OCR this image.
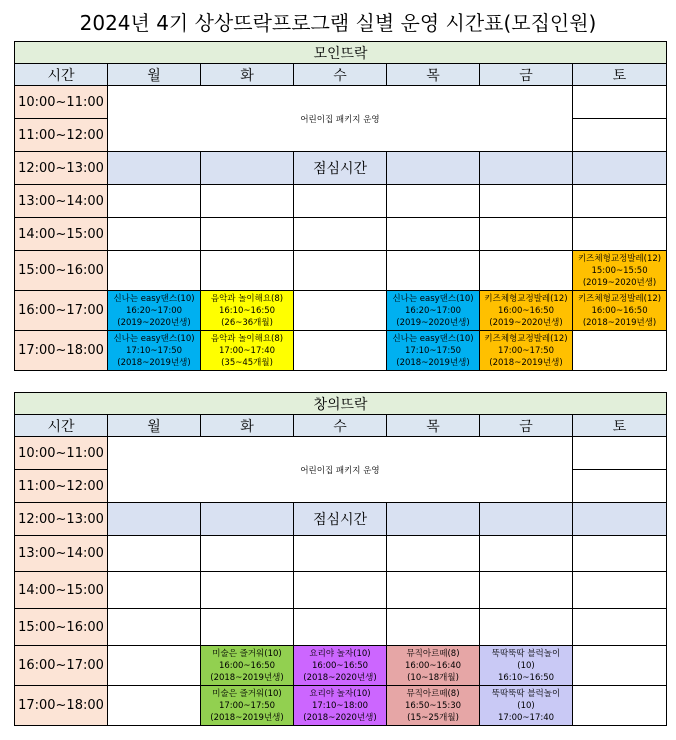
2024년 4기 상상뜨락프로그램 실별 운영 시간표(모집인원)
모인뜨락						
시간	월	화	수	목	금	토
10:00~11:00	어린이집 패키지 운영					
11:00~12:00						
12:00~13:00			점심시간			
13:00~14:00						
14:00~15:00						
15:00~16:00						키즈체형교정발레(12)
15:00~15:50
(2019~2020년생)

16:00~17:00	신나는 easy댄스(10)
16:20~17:00
(2019~2020년생)	음악과 놀이해요(8)
16:10~16:50
(26~36개월)		신나는 easy댄스(10)
16:20~17:00
(2019~2020년생)	키즈체형교정발레(12)
16:00~16:50
(2019~2020년생)	키즈체형교정발레(12)
16:00~16:50
(2018~2019년생)

17:00~18:00	신나는 easy댄스(10)
17:10~17:50
(2018~2019년생)	음악과 놀이해요(8)
17:00~17:40
(35~45개월)		신나는 easy댄스(10)
17:10~17:50
(2018~2019년생)	키즈체형교정발레(12)
17:00~17:50
(2018~2019년생)	

창의뜨락						
시간	월	화	수	목	금	토
10:00~11:00	어린이집 패키지 운영					
11:00~12:00						
12:00~13:00			점심시간			
13:00~14:00						
14:00~15:00						
15:00~16:00						
16:00~17:00		미술은 즐거워(10)
16:00~16:50
(2018~2019년생)	요리야 놀자(10)
16:00~16:50
(2018~2020년생)	뮤직아르떼(8)
16:00~16:40
(10~18개월)	뚝딱뚝딱 블럭놀이
(10)
16:10~16:50	

17:00~18:00		미술은 즐거워(10)
17:00~17:50
(2018~2019년생)	요리야 놀자(10)
17:10~18:00
(2018~2020년생)	뮤직아르떼(8)
16:50~15:30
(15~25개월)	뚝딱뚝딱 블럭놀이
(10)
17:00~17:40	
